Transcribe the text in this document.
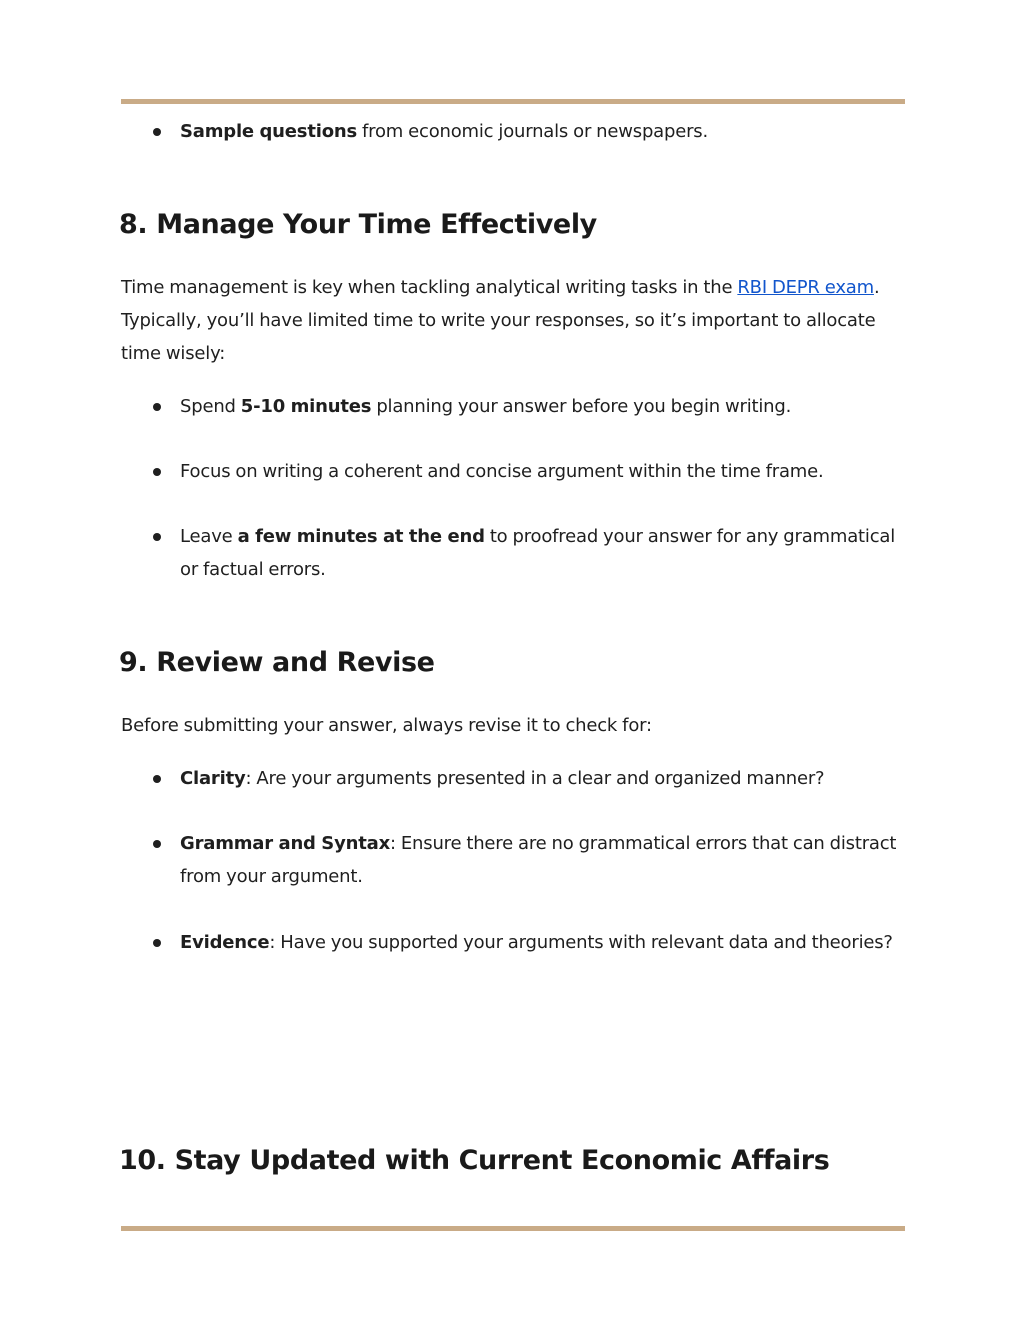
Sample questions from economic journals or newspapers.
8. Manage Your Time Effectively

Time management is key when tackling analytical writing tasks in the RBI DEPR exam. Typically, you’ll have limited time to write your responses, so it’s important to allocate time wisely:

Spend 5-10 minutes planning your answer before you begin writing.
Focus on writing a coherent and concise argument within the time frame.
Leave a few minutes at the end to proofread your answer for any grammatical or factual errors.
9. Review and Revise

Before submitting your answer, always revise it to check for:

Clarity: Are your arguments presented in a clear and organized manner?
Grammar and Syntax: Ensure there are no grammatical errors that can distract from your argument.
Evidence: Have you supported your arguments with relevant data and theories?
10. Stay Updated with Current Economic Affairs
